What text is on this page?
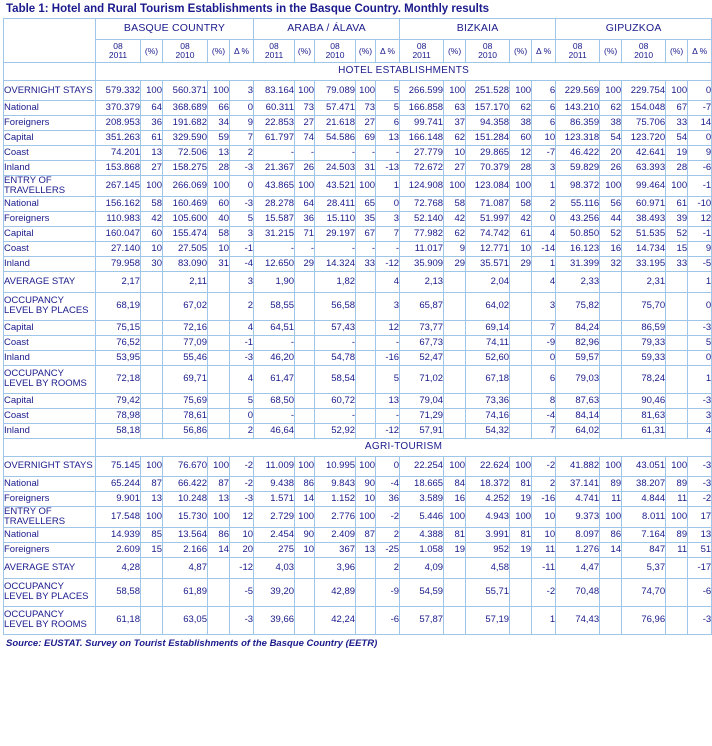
Table 1: Hotel and Rural Tourism Establishments in the Basque Country. Monthly results
	BASQUE COUNTRY					ARABA / ÁLAVA					BIZKAIA					GIPUZKOA				

	08
2011	(%)	08
2010	(%)	Δ %	08
2011	(%)	08
2010	(%)	Δ %	08
2011	(%)	08
2010	(%)	Δ %	08
2011	(%)	08
2010	(%)	Δ %
	HOTEL ESTABLISHMENTS																			
OVERNIGHT STAYS	579.332	100	560.371	100	3	83.164	100	79.089	100	5	266.599	100	251.528	100	6	229.569	100	229.754	100	0
National	370.379	64	368.689	66	0	60.311	73	57.471	73	5	166.858	63	157.170	62	6	143.210	62	154.048	67	-7
Foreigners	208.953	36	191.682	34	9	22.853	27	21.618	27	6	99.741	37	94.358	38	6	86.359	38	75.706	33	14
Capital	351.263	61	329.590	59	7	61.797	74	54.586	69	13	166.148	62	151.284	60	10	123.318	54	123.720	54	0
Coast	74.201	13	72.506	13	2	-	-	-	-	-	27.779	10	29.865	12	-7	46.422	20	42.641	19	9
Inland	153.868	27	158.275	28	-3	21.367	26	24.503	31	-13	72.672	27	70.379	28	3	59.829	26	63.393	28	-6
ENTRY OF TRAVELLERS	267.145	100	266.069	100	0	43.865	100	43.521	100	1	124.908	100	123.084	100	1	98.372	100	99.464	100	-1
National	156.162	58	160.469	60	-3	28.278	64	28.411	65	0	72.768	58	71.087	58	2	55.116	56	60.971	61	-10
Foreigners	110.983	42	105.600	40	5	15.587	36	15.110	35	3	52.140	42	51.997	42	0	43.256	44	38.493	39	12
Capital	160.047	60	155.474	58	3	31.215	71	29.197	67	7	77.982	62	74.742	61	4	50.850	52	51.535	52	-1
Coast	27.140	10	27.505	10	-1	-	-	-	-	-	11.017	9	12.771	10	-14	16.123	16	14.734	15	9
Inland	79.958	30	83.090	31	-4	12.650	29	14.324	33	-12	35.909	29	35.571	29	1	31.399	32	33.195	33	-5
AVERAGE STAY	2,17		2,11		3	1,90		1,82		4	2,13		2,04		4	2,33		2,31		1
OCCUPANCY LEVEL BY PLACES	68,19		67,02		2	58,55		56,58		3	65,87		64,02		3	75,82		75,70		0
Capital	75,15		72,16		4	64,51		57,43		12	73,77		69,14		7	84,24		86,59		-3
Coast	76,52		77,09		-1	-		-		-	67,73		74,11		-9	82,96		79,33		5
Inland	53,95		55,46		-3	46,20		54,78		-16	52,47		52,60		0	59,57		59,33		0
OCCUPANCY LEVEL BY ROOMS	72,18		69,71		4	61,47		58,54		5	71,02		67,18		6	79,03		78,24		1
Capital	79,42		75,69		5	68,50		60,72		13	79,04		73,36		8	87,63		90,46		-3
Coast	78,98		78,61		0	-		-		-	71,29		74,16		-4	84,14		81,63		3
Inland	58,18		56,86		2	46,64		52,92		-12	57,91		54,32		7	64,02		61,31		4
	AGRI-TOURISM																			
OVERNIGHT STAYS	75.145	100	76.670	100	-2	11.009	100	10.995	100	0	22.254	100	22.624	100	-2	41.882	100	43.051	100	-3
National	65.244	87	66.422	87	-2	9.438	86	9.843	90	-4	18.665	84	18.372	81	2	37.141	89	38.207	89	-3
Foreigners	9.901	13	10.248	13	-3	1.571	14	1.152	10	36	3.589	16	4.252	19	-16	4.741	11	4.844	11	-2
ENTRY OF TRAVELLERS	17.548	100	15.730	100	12	2.729	100	2.776	100	-2	5.446	100	4.943	100	10	9.373	100	8.011	100	17
National	14.939	85	13.564	86	10	2.454	90	2.409	87	2	4.388	81	3.991	81	10	8.097	86	7.164	89	13
Foreigners	2.609	15	2.166	14	20	275	10	367	13	-25	1.058	19	952	19	11	1.276	14	847	11	51
AVERAGE STAY	4,28		4,87		-12	4,03		3,96		2	4,09		4,58		-11	4,47		5,37		-17
OCCUPANCY LEVEL BY PLACES	58,58		61,89		-5	39,20		42,89		-9	54,59		55,71		-2	70,48		74,70		-6
OCCUPANCY LEVEL BY ROOMS	61,18		63,05		-3	39,66		42,24		-6	57,87		57,19		1	74,43		76,96		-3
Source: EUSTAT. Survey on Tourist Establishments of the Basque Country (EETR)
